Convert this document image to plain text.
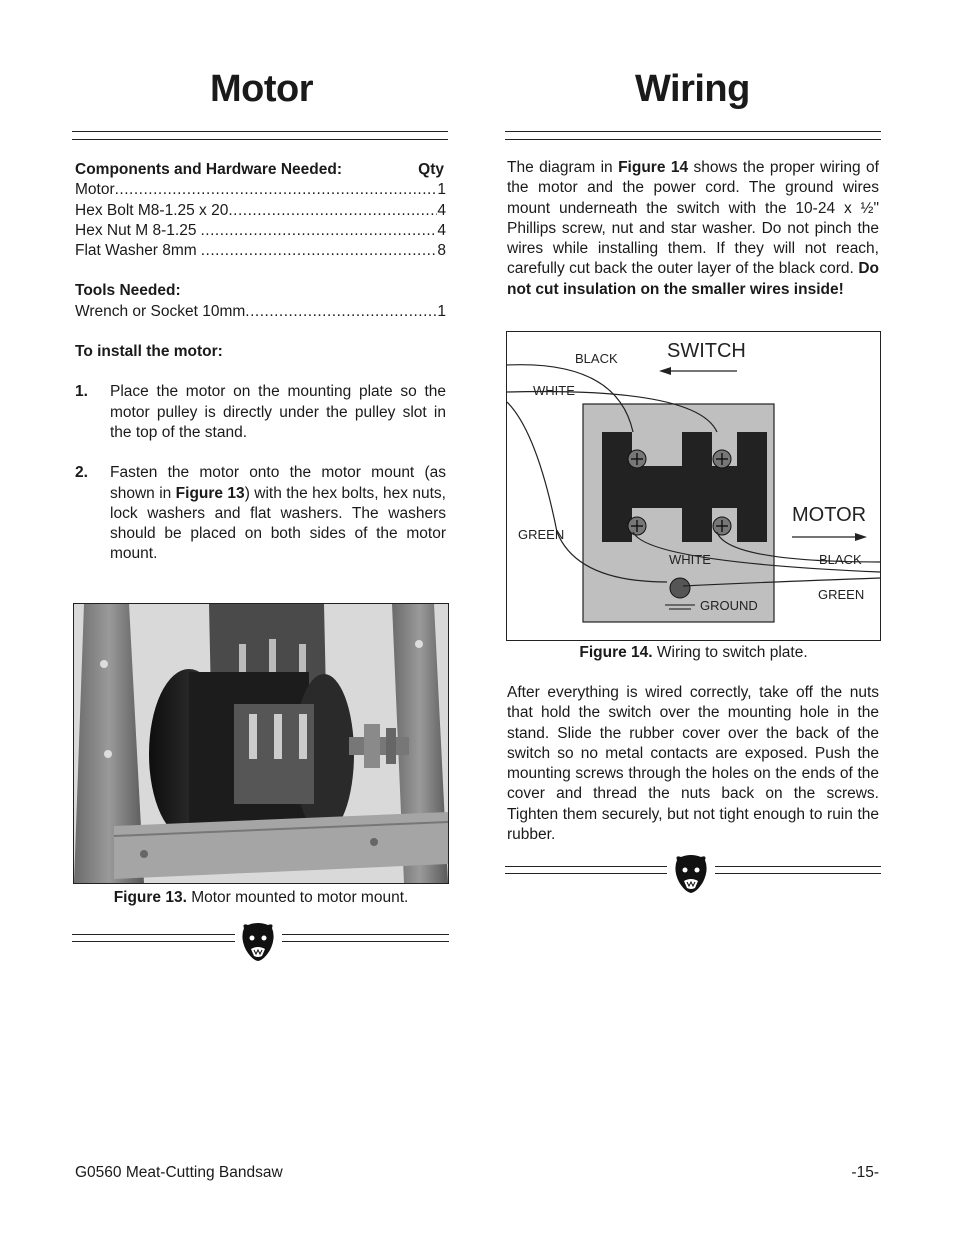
Motor	Wiring
Components and Hardware Needed:	Qty
Motor .....	1
Hex Bolt M8-1.25 x 20 .....	4
Hex Nut M 8-1.25 .....	4
Flat Washer 8mm .....	8
Tools Needed:
Wrench or Socket 10mm .....	1
To install the motor:
1.	Place the motor on the mounting plate so the motor pulley is directly under the pulley slot in the top of the stand.
2.	Fasten the motor onto the motor mount (as shown in Figure 13) with the hex bolts, hex nuts, lock washers and flat washers. The washers should be placed on both sides of the motor mount.
Figure 13. Motor mounted to motor mount.
The diagram in Figure 14 shows the proper wiring of the motor and the power cord. The ground wires mount underneath the switch with the 10-24 x ½" Phillips screw, nut and star washer. Do not pinch the wires while installing them. If they will not reach, carefully cut back the outer layer of the black cord. Do not cut insulation on the smaller wires inside!
SWITCH
BLACK
WHITE
MOTOR
GREEN
WHITE	BLACK
GREEN
GROUND
Figure 14. Wiring to switch plate.
After everything is wired correctly, take off the nuts that hold the switch over the mounting hole in the stand. Slide the rubber cover over the back of the switch so no metal contacts are exposed. Push the mounting screws through the holes on the ends of the cover and thread the nuts back on the screws. Tighten them securely, but not tight enough to ruin the rubber.
G0560 Meat-Cutting Bandsaw	-15-
